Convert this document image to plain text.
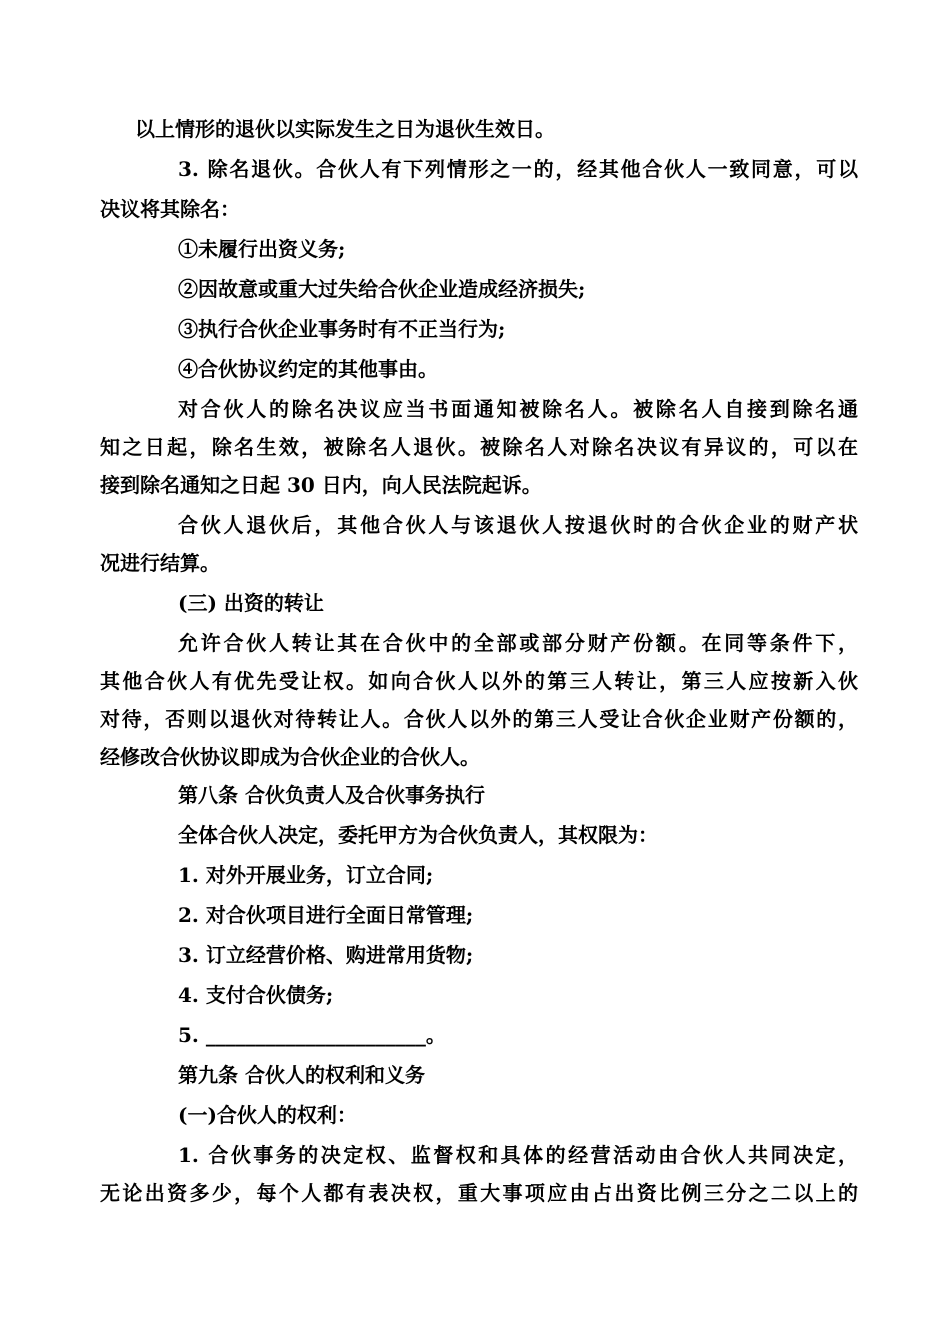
以上情形的退伙以实际发生之日为退伙生效日。
3. 除名退伙。合伙人有下列情形之一的，经其他合伙人一致同意，可以
决议将其除名：
①未履行出资义务;
②因故意或重大过失给合伙企业造成经济损失;
③执行合伙企业事务时有不正当行为;
④合伙协议约定的其他事由。
对合伙人的除名决议应当书面通知被除名人。被除名人自接到除名通
知之日起，除名生效，被除名人退伙。被除名人对除名决议有异议的，可以在
接到除名通知之日起 30 日内，向人民法院起诉。
合伙人退伙后，其他合伙人与该退伙人按退伙时的合伙企业的财产状
况进行结算。
(三) 出资的转让
允许合伙人转让其在合伙中的全部或部分财产份额。在同等条件下，
其他合伙人有优先受让权。如向合伙人以外的第三人转让，第三人应按新入伙
对待，否则以退伙对待转让人。合伙人以外的第三人受让合伙企业财产份额的，
经修改合伙协议即成为合伙企业的合伙人。
第八条 合伙负责人及合伙事务执行
全体合伙人决定，委托甲方为合伙负责人，其权限为：
1. 对外开展业务，订立合同;
2. 对合伙项目进行全面日常管理;
3. 订立经营价格、购进常用货物;
4. 支付合伙债务;
5. ______________________。
第九条 合伙人的权利和义务
(一)合伙人的权利：
1. 合伙事务的决定权、监督权和具体的经营活动由合伙人共同决定，
无论出资多少，每个人都有表决权，重大事项应由占出资比例三分之二以上的
